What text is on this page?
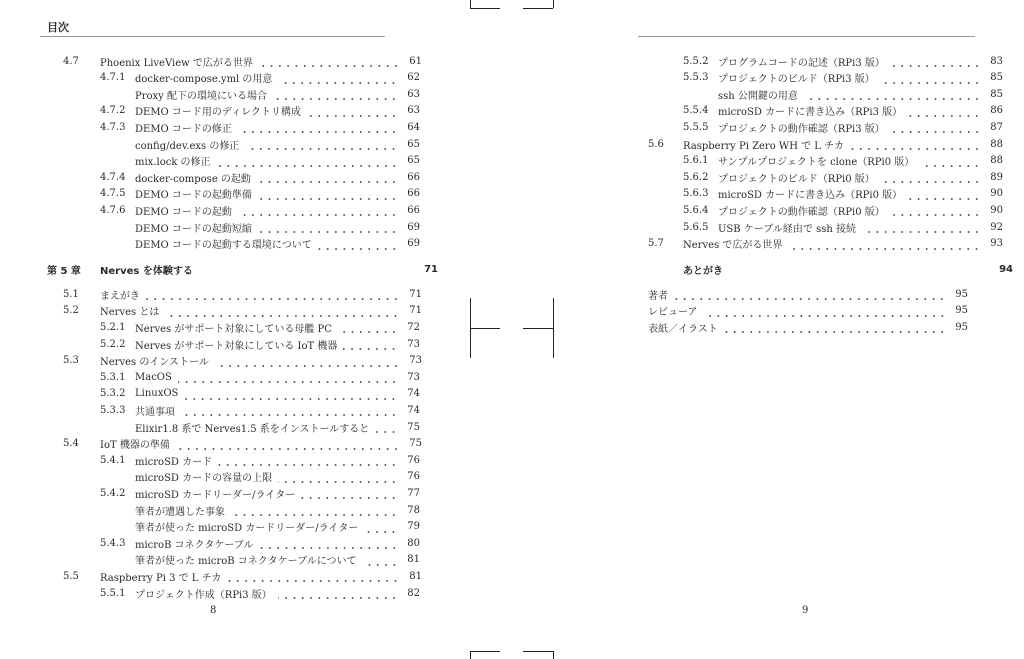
目次
4.7 Phoenix LiveView で広がる世界	61
4.7.1 docker-compose.yml の用意	62
Proxy 配下の環境にいる場合	63
4.7.2 DEMO コード用のディレクトリ構成	63
4.7.3 DEMO コードの修正	64
config/dev.exs の修正	65
mix.lock の修正	65
4.7.4 docker-compose の起動	66
4.7.5 DEMO コードの起動準備	66
4.7.6 DEMO コードの起動	66
DEMO コードの起動短縮	69
DEMO コードの起動する環境について	69
第 5 章 Nerves を体験する	71
5.1 まえがき	71
5.2 Nerves とは	71
5.2.1 Nerves がサポート対象にしている母艦 PC	72
5.2.2 Nerves がサポート対象にしている IoT 機器	73
5.3 Nerves のインストール	73
5.3.1 MacOS	73
5.3.2 LinuxOS	74
5.3.3 共通事項	74
Elixir1.8 系で Nerves1.5 系をインストールすると	75
5.4 IoT 機器の準備	75
5.4.1 microSD カード	76
microSD カードの容量の上限	76
5.4.2 microSD カードリーダー/ライター	77
筆者が遭遇した事象	78
筆者が使った microSD カードリーダー/ライター	79
5.4.3 microB コネクタケーブル	80
筆者が使った microB コネクタケーブルについて	81
5.5 Raspberry Pi 3 で L チカ	81
5.5.1 プロジェクト作成（RPi3 版）	82
5.5.2 プログラムコードの記述（RPi3 版）	83
5.5.3 プロジェクトのビルド（RPi3 版）	85
ssh 公開鍵の用意	85
5.5.4 microSD カードに書き込み（RPi3 版）	86
5.5.5 プロジェクトの動作確認（RPi3 版）	87
5.6 Raspberry Pi Zero WH で L チカ	88
5.6.1 サンプルプロジェクトを clone（RPi0 版）	88
5.6.2 プロジェクトのビルド（RPi0 版）	89
5.6.3 microSD カードに書き込み（RPi0 版）	90
5.6.4 プロジェクトの動作確認（RPi0 版）	90
5.6.5 USB ケーブル経由で ssh 接続	92
5.7 Nerves で広がる世界	93
あとがき	94
著者	95
レビューア	95
表紙／イラスト	95
8	9
